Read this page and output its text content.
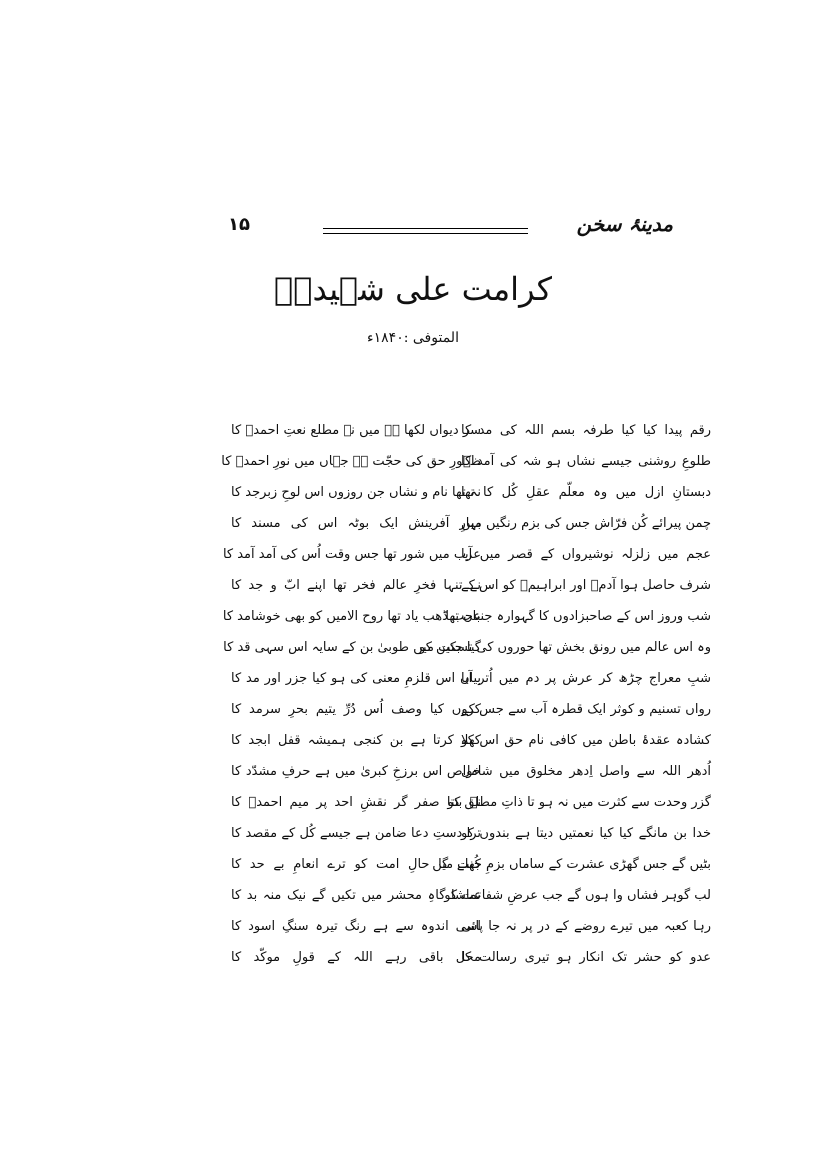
۱۵	مدینۂ سخن
کرامت علی شہیدیؔ
المتوفی :۱۸۴۰ء
رقم پیدا کیا کیا طرفہ بسم اللہ کی مد کا
طلوعِ روشنی جیسے نشاں ہو شہ کی آمد کا
دبستانِ ازل میں وہ معلّم عقلِ کُل کا تھا
چمن پیرائے کُن فرّاش جس کی بزم رنگیں میں
عجم میں زلزلہ نوشیرواں کے قصر میں آیا
شرف حاصل ہوا آدمؑ اور ابراہیمؑ کو اس کے
شب وروز اس کے صاحبزادوں کا گہوارہ جنباں تھا
وہ اس عالم میں رونق بخش تھا حوروں کی تسکیں کو
شبِ معراج چڑھ کر عرش پر دم میں اُتر آیا
رواں تسنیم و کوثر ایک قطرہ آب سے جس کے
کشادہ عقدۂ باطن میں کافی نام حق اس کو
اُدھر اللہ سے واصل اِدھر مخلوق میں شامل
گزر وحدت سے کثرت میں نہ ہو تا ذاتِ مطلق کو
خدا بن مانگے کیا کیا نعمتیں دیتا ہے بندوں کو
بٹیں گے جس گھڑی عشرت کے ساماں بزمِ جنت میں
لب گوہر فشاں وا ہوں گے جب عرضِ شفاعت کو
رہا کعبہ میں تیرے روضے کے در پر نہ جا پائی
عدو کو حشر تک انکار ہو تیری رسالت کا
سر دیواں لکھا ہے میں نے مطلع نعتِ احمدؐ کا
ظہورِ حق کی حجّت ہے جہاں میں نورِ احمدؐ کا
نہ تھا نام و نشاں جن روزوں اس لوحِ زبرجد کا
بہارِ آفرینش ایک بوٹہ اس کی مسند کا
عرب میں شور تھا جس وقت اُس کی آمد آمد کا
نے تنہا فخرِ عالم فخر تھا اپنے ابّ و جد کا
عجب ڈھب یاد تھا روح الامیں کو بھی خوشامد کا
گیا جنت میں طوبیٰ بن کے سایہ اس سہی قد کا
بیاں اس قلزمِ معنی کی ہو کیا جزر اور مد کا
کروں کیا وصف اُس دُرِّ یتیم بحرِ سرمد کا
کھلا کرتا ہے بن کنجی ہمیشہ قفل ابجد کا
خواص اس برزخِ کبریٰ میں ہے حرفِ مشدّد کا
نہ بنتا صفر گر نقشِ احد پر میم احمدؐ کا
ترا دستِ دعا ضامن ہے جیسے کُل کے مقصد کا
کُھلے گا حالِ امت کو ترے انعامِ بے حد کا
تماشا گاہِ محشر میں تکیں گے نیک منہ بد کا
اسی اندوہ سے ہے رنگ تیرہ سنگِ اسود کا
محل باقی رہے اللہ کے قولِ موکّد کا
